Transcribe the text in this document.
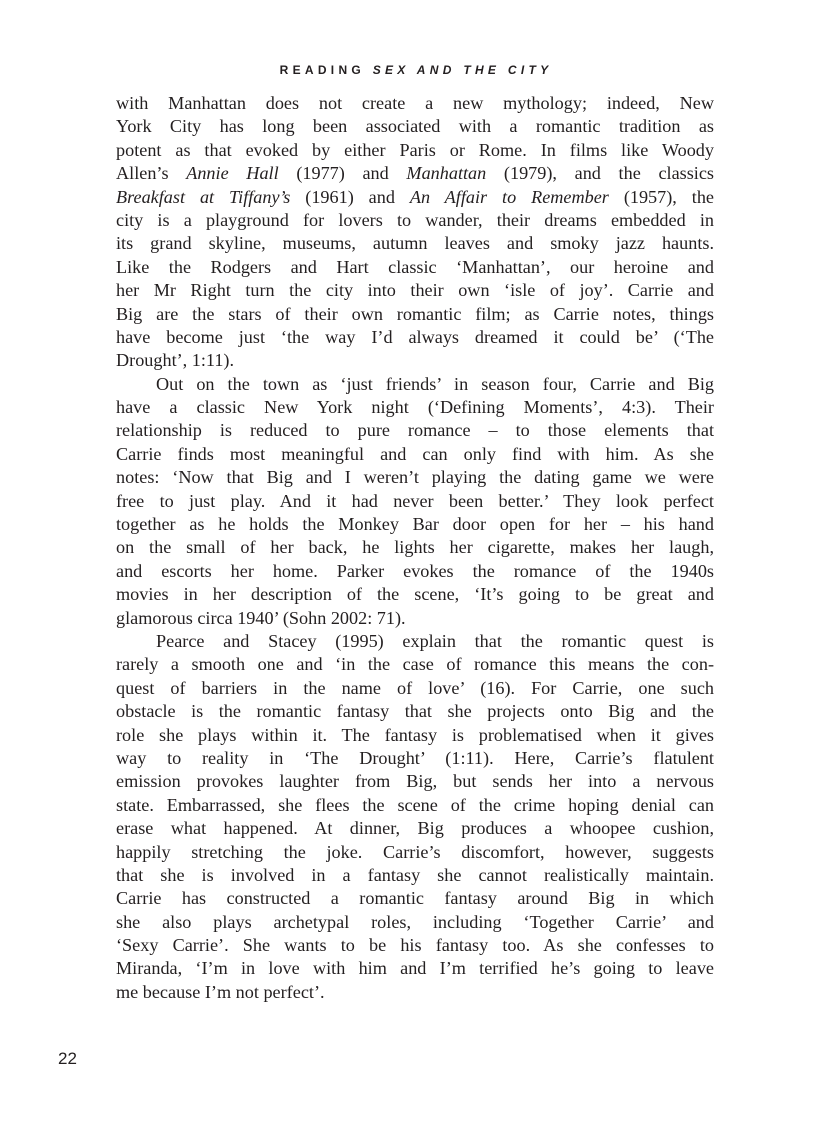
READING SEX AND THE CITY
with Manhattan does not create a new mythology; indeed, New
York City has long been associated with a romantic tradition as
potent as that evoked by either Paris or Rome. In films like Woody
Allen’s Annie Hall (1977) and Manhattan (1979), and the classics
Breakfast at Tiffany’s (1961) and An Affair to Remember (1957), the
city is a playground for lovers to wander, their dreams embedded in
its grand skyline, museums, autumn leaves and smoky jazz haunts.
Like the Rodgers and Hart classic ‘Manhattan’, our heroine and
her Mr Right turn the city into their own ‘isle of joy’. Carrie and
Big are the stars of their own romantic film; as Carrie notes, things
have become just ‘the way I’d always dreamed it could be’ (‘The
Drought’, 1:11).
Out on the town as ‘just friends’ in season four, Carrie and Big
have a classic New York night (‘Defining Moments’, 4:3). Their
relationship is reduced to pure romance – to those elements that
Carrie finds most meaningful and can only find with him. As she
notes: ‘Now that Big and I weren’t playing the dating game we were
free to just play. And it had never been better.’ They look perfect
together as he holds the Monkey Bar door open for her – his hand
on the small of her back, he lights her cigarette, makes her laugh,
and escorts her home. Parker evokes the romance of the 1940s
movies in her description of the scene, ‘It’s going to be great and
glamorous circa 1940’ (Sohn 2002: 71).
Pearce and Stacey (1995) explain that the romantic quest is
rarely a smooth one and ‘in the case of romance this means the con-
quest of barriers in the name of love’ (16). For Carrie, one such
obstacle is the romantic fantasy that she projects onto Big and the
role she plays within it. The fantasy is problematised when it gives
way to reality in ‘The Drought’ (1:11). Here, Carrie’s flatulent
emission provokes laughter from Big, but sends her into a nervous
state. Embarrassed, she flees the scene of the crime hoping denial can
erase what happened. At dinner, Big produces a whoopee cushion,
happily stretching the joke. Carrie’s discomfort, however, suggests
that she is involved in a fantasy she cannot realistically maintain.
Carrie has constructed a romantic fantasy around Big in which
she also plays archetypal roles, including ‘Together Carrie’ and
‘Sexy Carrie’. She wants to be his fantasy too. As she confesses to
Miranda, ‘I’m in love with him and I’m terrified he’s going to leave
me because I’m not perfect’.
22
